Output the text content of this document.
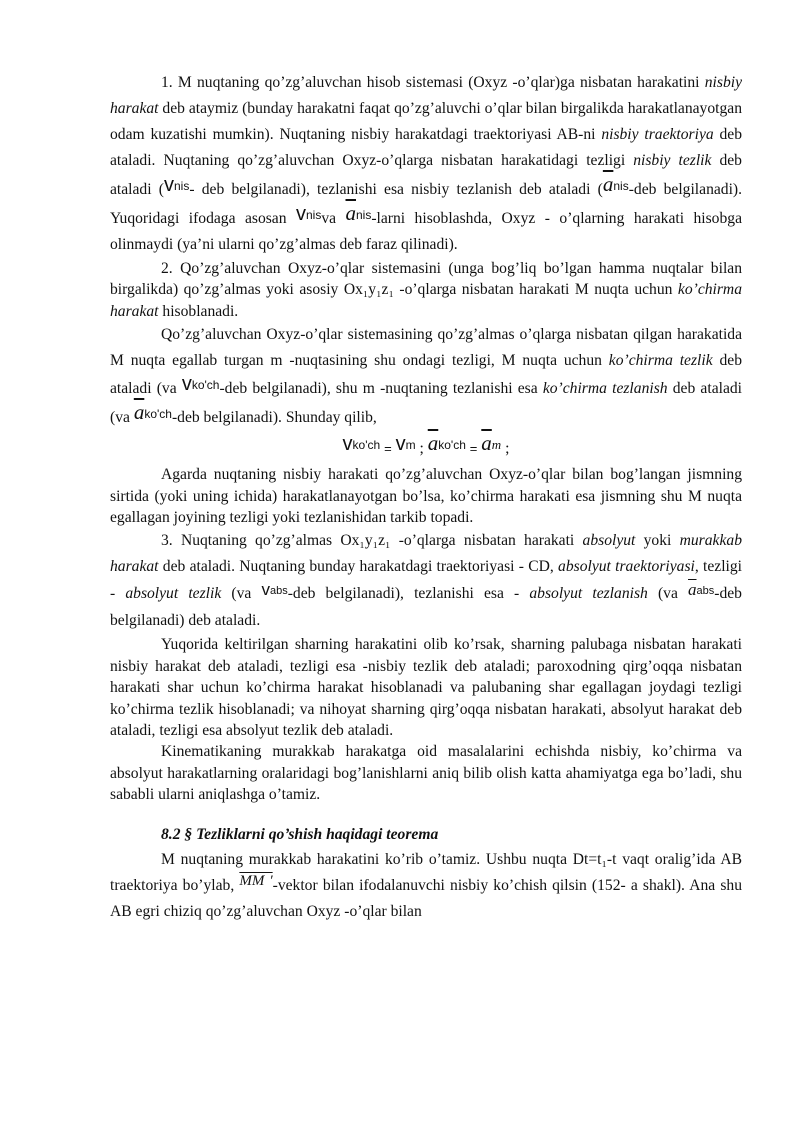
1. M nuqtaning qo’zg’aluvchan hisob sistemasi (Oxyz -o’qlar)ga nisbatan harakatini nisbiy harakat deb ataymiz (bunday harakatni faqat qo’zg’aluvchi o’qlar bilan birgalikda harakatlanayotgan odam kuzatishi mumkin). Nuqtaning nisbiy harakatdagi traektoriyasi AB-ni nisbiy traektoriya deb ataladi. Nuqtaning qo’zg’aluvchan Oxyz-o’qlarga nisbatan harakatidagi tezligi nisbiy tezlik deb ataladi ($v^{nis}-$ deb belgilanadi), tezlanishi esa nisbiy tezlanish deb ataladi ($\overline{a}^{nis}$-deb belgilanadi). Yuqoridagi ifodaga asosan $v^{nis}va$ $\overline{a}^{nis}$-larni hisoblashda, Oxyz - o’qlarning harakati hisobga olinmaydi (ya’ni ularni qo’zg’almas deb faraz qilinadi).

2. Qo’zg’aluvchan Oxyz-o’qlar sistemasini (unga bog’liq bo’lgan hamma nuqtalar bilan birgalikda) qo’zg’almas yoki asosiy Ox₁y₁z₁ -o’qlarga nisbatan harakati M nuqta uchun ko’chirma harakat hisoblanadi.

Qo’zg’aluvchan Oxyz-o’qlar sistemasining qo’zg’almas o’qlarga nisbatan qilgan harakatida M nuqta egallab turgan m -nuqtasining shu ondagi tezligi, M nuqta uchun ko’chirma tezlik deb ataladi (va $v^{ko'ch}$-deb belgilanadi), shu m -nuqtaning tezlanishi esa ko’chirma tezlanish deb ataladi (va $\overline{a}^{ko'ch}$-deb belgilanadi). Shunday qilib,

$v^{ko'ch} = v^m$ ; $\overline{a}^{ko'ch} = \overline{a}^m$ ;

Agarda nuqtaning nisbiy harakati qo’zg’aluvchan Oxyz-o’qlar bilan bog’langan jismning sirtida (yoki uning ichida) harakatlanayotgan bo’lsa, ko’chirma harakati esa jismning shu M nuqta egallagan joyining tezligi yoki tezlanishidan tarkib topadi.

3. Nuqtaning qo’zg’almas Ox₁y₁z₁ -o’qlarga nisbatan harakati absolyut yoki murakkab harakat deb ataladi. Nuqtaning bunday harakatdagi traektoriyasi - CD, absolyut traektoriyasi, tezligi - absolyut tezlik (va $v^{abs}$-deb belgilanadi), tezlanishi esa - absolyut tezlanish (va $\overline{a}^{abs}$-deb belgilanadi) deb ataladi.

Yuqorida keltirilgan sharning harakatini olib ko’rsak, sharning palubaga nisbatan harakati nisbiy harakat deb ataladi, tezligi esa -nisbiy tezlik deb ataladi; paroxodning qirg’oqqa nisbatan harakati shar uchun ko’chirma harakat hisoblanadi va palubaning shar egallagan joydagi tezligi ko’chirma tezlik hisoblanadi; va nihoyat sharning qirg’oqqa nisbatan harakati, absolyut harakat deb ataladi, tezligi esa absolyut tezlik deb ataladi.

Kinematikaning murakkab harakatga oid masalalarini echishda nisbiy, ko’chirma va absolyut harakatlarning oralaridagi bog’lanishlarni aniq bilib olish katta ahamiyatga ega bo’ladi, shu sababli ularni aniqlashga o’tamiz.

8.2 § Tezliklarni qo’shish haqidagi teorema

M nuqtaning murakkab harakatini ko’rib o’tamiz. Ushbu nuqta Dt=t₁-t vaqt oralig’ida AB traektoriya bo’ylab, MM ′-vektor bilan ifodalanuvchi nisbiy ko’chish qilsin (152- a shakl). Ana shu AB egri chiziq qo’zg’aluvchan Oxyz -o’qlar bilan
